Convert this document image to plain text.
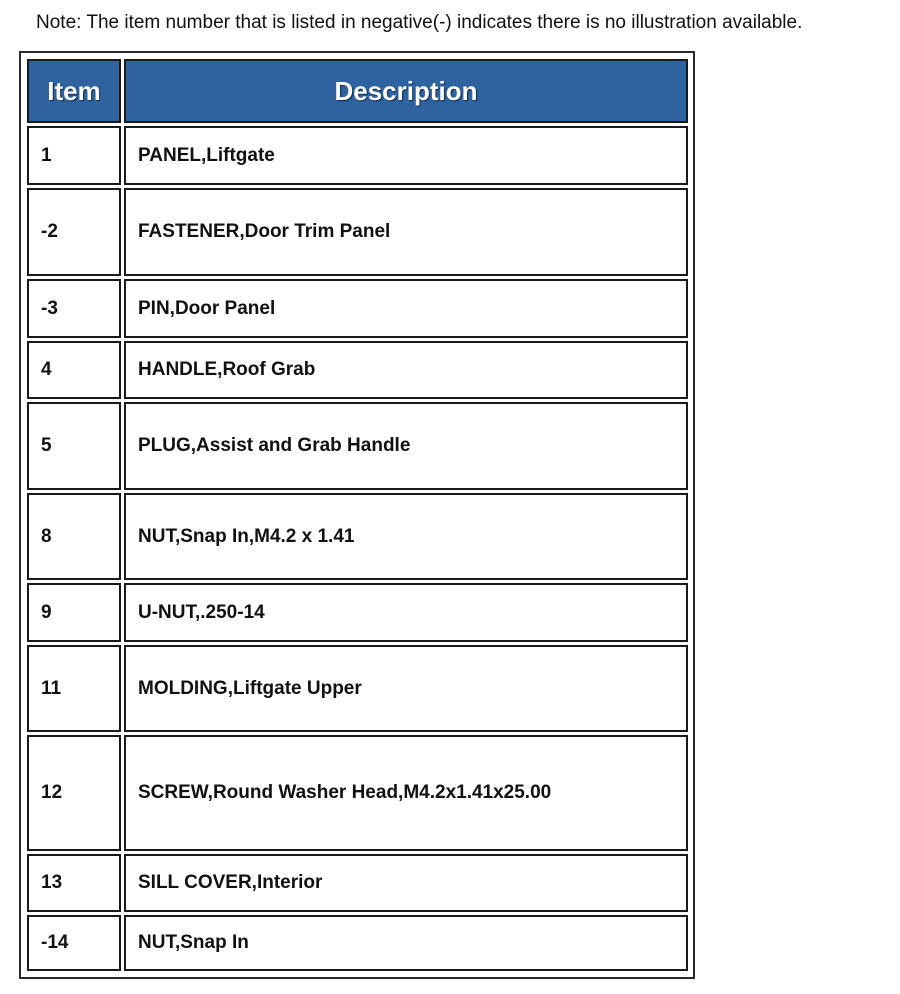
Note: The item number that is listed in negative(-) indicates there is no illustration available.
Item	Description
1	PANEL,Liftgate
-2	FASTENER,Door Trim Panel
-3	PIN,Door Panel
4	HANDLE,Roof Grab
5	PLUG,Assist and Grab Handle
8	NUT,Snap In,M4.2 x 1.41
9	U-NUT,.250-14
11	MOLDING,Liftgate Upper
12	SCREW,Round Washer Head,M4.2x1.41x25.00
13	SILL COVER,Interior
-14	NUT,Snap In
